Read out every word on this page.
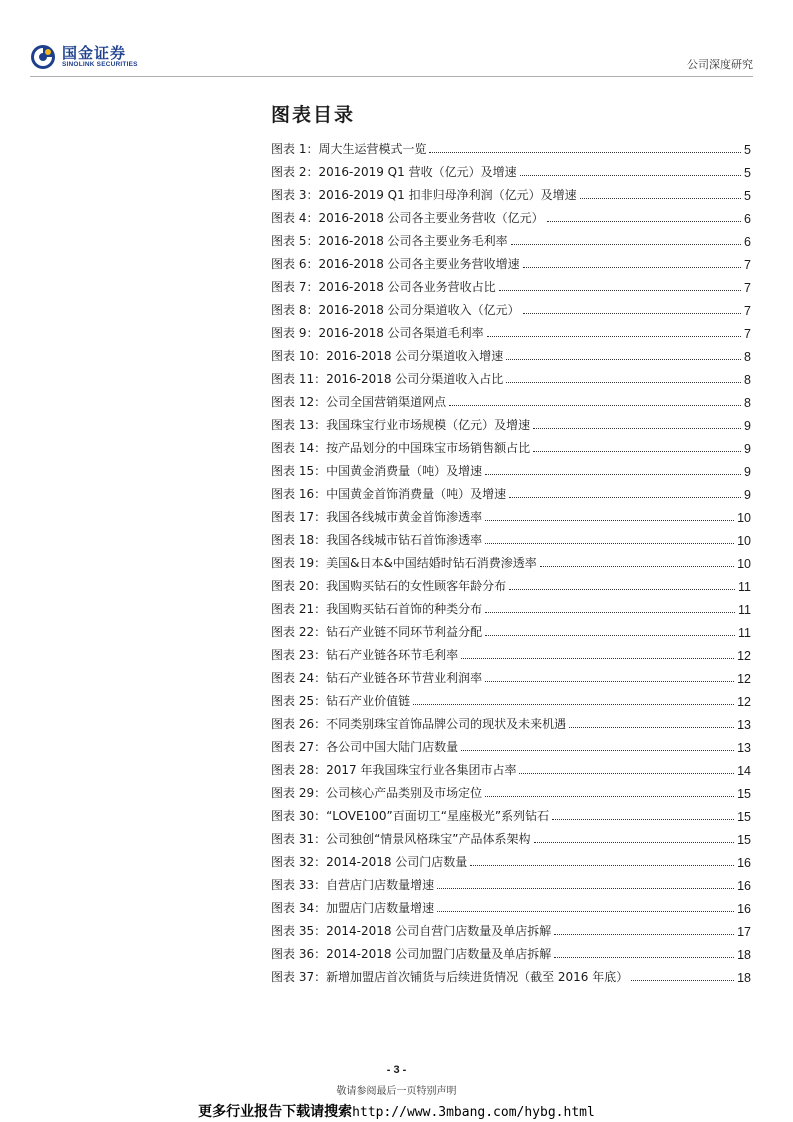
国金证券
SINOLINK SECURITIES	公司深度研究
图表目录
图表 1：周大生运营模式一览	5
图表 2：2016-2019 Q1 营收（亿元）及增速	5
图表 3：2016-2019 Q1 扣非归母净利润（亿元）及增速	5
图表 4：2016-2018 公司各主要业务营收（亿元）	6
图表 5：2016-2018 公司各主要业务毛利率	6
图表 6：2016-2018 公司各主要业务营收增速	7
图表 7：2016-2018 公司各业务营收占比	7
图表 8：2016-2018 公司分渠道收入（亿元）	7
图表 9：2016-2018 公司各渠道毛利率	7
图表 10：2016-2018 公司分渠道收入增速	8
图表 11：2016-2018 公司分渠道收入占比	8
图表 12：公司全国营销渠道网点	8
图表 13：我国珠宝行业市场规模（亿元）及增速	9
图表 14：按产品划分的中国珠宝市场销售额占比	9
图表 15：中国黄金消费量（吨）及增速	9
图表 16：中国黄金首饰消费量（吨）及增速	9
图表 17：我国各线城市黄金首饰渗透率	10
图表 18：我国各线城市钻石首饰渗透率	10
图表 19：美国&日本&中国结婚时钻石消费渗透率	10
图表 20：我国购买钻石的女性顾客年龄分布	11
图表 21：我国购买钻石首饰的种类分布	11
图表 22：钻石产业链不同环节利益分配	11
图表 23：钻石产业链各环节毛利率	12
图表 24：钻石产业链各环节营业利润率	12
图表 25：钻石产业价值链	12
图表 26：不同类别珠宝首饰品牌公司的现状及未来机遇	13
图表 27：各公司中国大陆门店数量	13
图表 28：2017 年我国珠宝行业各集团市占率	14
图表 29：公司核心产品类别及市场定位	15
图表 30：“LOVE100”百面切工“星座极光”系列钻石	15
图表 31：公司独创“情景风格珠宝”产品体系架构	15
图表 32：2014-2018 公司门店数量	16
图表 33：自营店门店数量增速	16
图表 34：加盟店门店数量增速	16
图表 35：2014-2018 公司自营门店数量及单店拆解	17
图表 36：2014-2018 公司加盟门店数量及单店拆解	18
图表 37：新增加盟店首次铺货与后续进货情况（截至 2016 年底）	18
- 3 -
敬请参阅最后一页特别声明
更多行业报告下载请搜索http://www.3mbang.com/hybg.html
